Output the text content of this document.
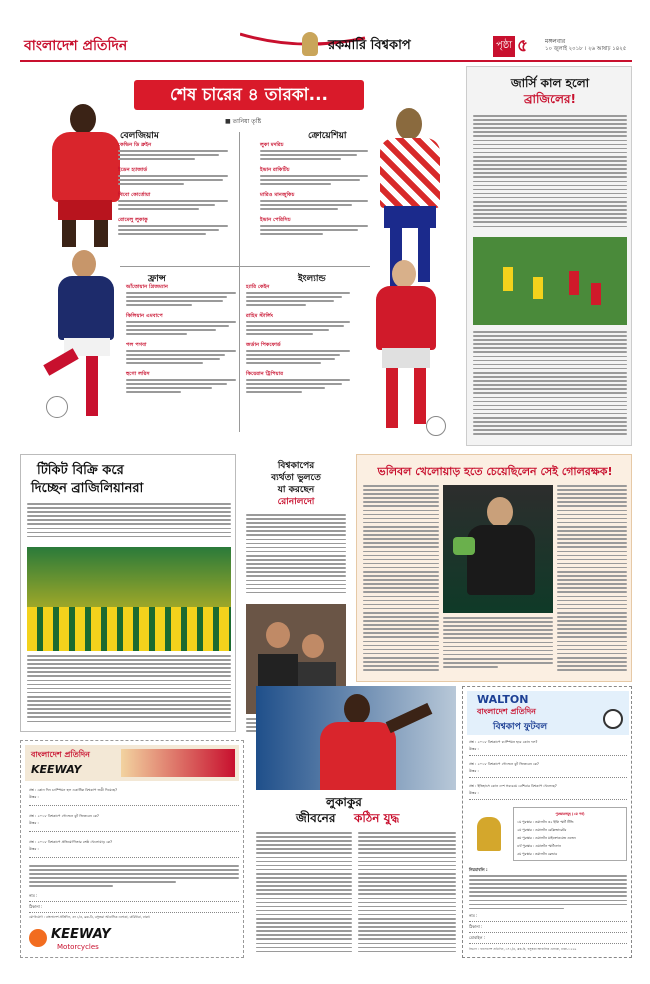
বাংলাদেশ প্রতিদিন	রকমারি বিশ্বকাপ	পৃষ্ঠা ৫	মঙ্গলবার
১০ জুলাই ২০১৮ । ২৬ আষাঢ় ১৪২৫
শেষ চারের ৪ তারকা...
■ তানিয়া তৃষ্টি
বেলজিয়াম
কেভিন ডি ব্রুইন
ইডেন হ্যাজার্ড
থিবো কোর্তোয়া
রোমেলু লুকাকু
ক্রোয়েশিয়া
লুকা মদরিচ
ইভান রাকিটিচ
মারিও মানজুকিচ
ইভান পেরিসিচ
ফ্রান্স
আঁতোয়ান গ্রিজম্যান
কিলিয়ান এমবাপে
পল পগবা
হুগো লরিস
ইংল্যান্ড
হ্যারি কেইন
রাহিম স্টার্লিং
জর্ডান পিকফোর্ড
কিয়েরান ট্রিপিয়ার
জার্সি কাল হলো
ব্রাজিলের!
টিকিট বিক্রি করে
দিচ্ছেন ব্রাজিলিয়ানরা
বিশ্বকাপের
ব্যর্থতা ভুলতে
যা করছেন
রোনালদো
ভলিবল খেলোয়াড় হতে চেয়েছিলেন সেই গোলরক্ষক!
লুকাকুর
জীবনের কঠিন যুদ্ধ
বাংলাদেশ প্রতিদিন
KEEWAY
প্রশ্ন : কোন দিন চ্যাম্পিয়ন হল একাধিক বিশ্বকাপ জয়ী দিয়েছে?
উত্তর :
প্রশ্ন : ২০১৮ বিশ্বকাপে গোল্ডেন বুট জিতবেন কে?
উত্তর :
প্রশ্ন : ২০১৮ বিশ্বকাপে প্রতিযোগিতার শ্রেষ্ঠ খেলোয়াড় কে?
উত্তর :
নাম :
ঠিকানা :
যোগাযোগ : বাংলাদেশ প্রতিদিন, ৩৭১/এ, ব্লক-বি, বসুন্ধরা আবাসিক এলাকা, বারিধারা, ঢাকা।
KEEWAY
Motorcycles
WALTON
বাংলাদেশ প্রতিদিন
বিশ্বকাপ ফুটবল
প্রশ্ন : ২০১৮ বিশ্বকাপে চ্যাম্পিয়ন হবে কোন দল?
উত্তর :
প্রশ্ন : ২০১৮ বিশ্বকাপে গোল্ডেন বুট জিতবেন কে?
উত্তর :
প্রশ্ন : ইতিহাসে কোন দেশ সবচেয়ে বেশিবার বিশ্বকাপ খেলেছে?
উত্তর :
পুরস্কারসমূহ (২য় পর্ব)
১ম পুরস্কার : ওয়ালটন ৩২ ইঞ্চি স্মার্ট টিভি
২য় পুরস্কার : ওয়ালটন রেফ্রিজারেটর
৩য় পুরস্কার : ওয়ালটন মাইক্রোওয়েভ ওভেন
৪র্থ পুরস্কার : ওয়ালটন স্মার্টফোন
৫ম পুরস্কার : ওয়ালটন ব্লেন্ডার
নিয়মাবলি :
নাম :
ঠিকানা :
মোবাইল :
বিভাগ : বাংলাদেশ প্রতিদিন, ৩৭১/এ, ব্লক-বি, বসুন্ধরা আবাসিক এলাকা, ঢাকা-১২২৯
